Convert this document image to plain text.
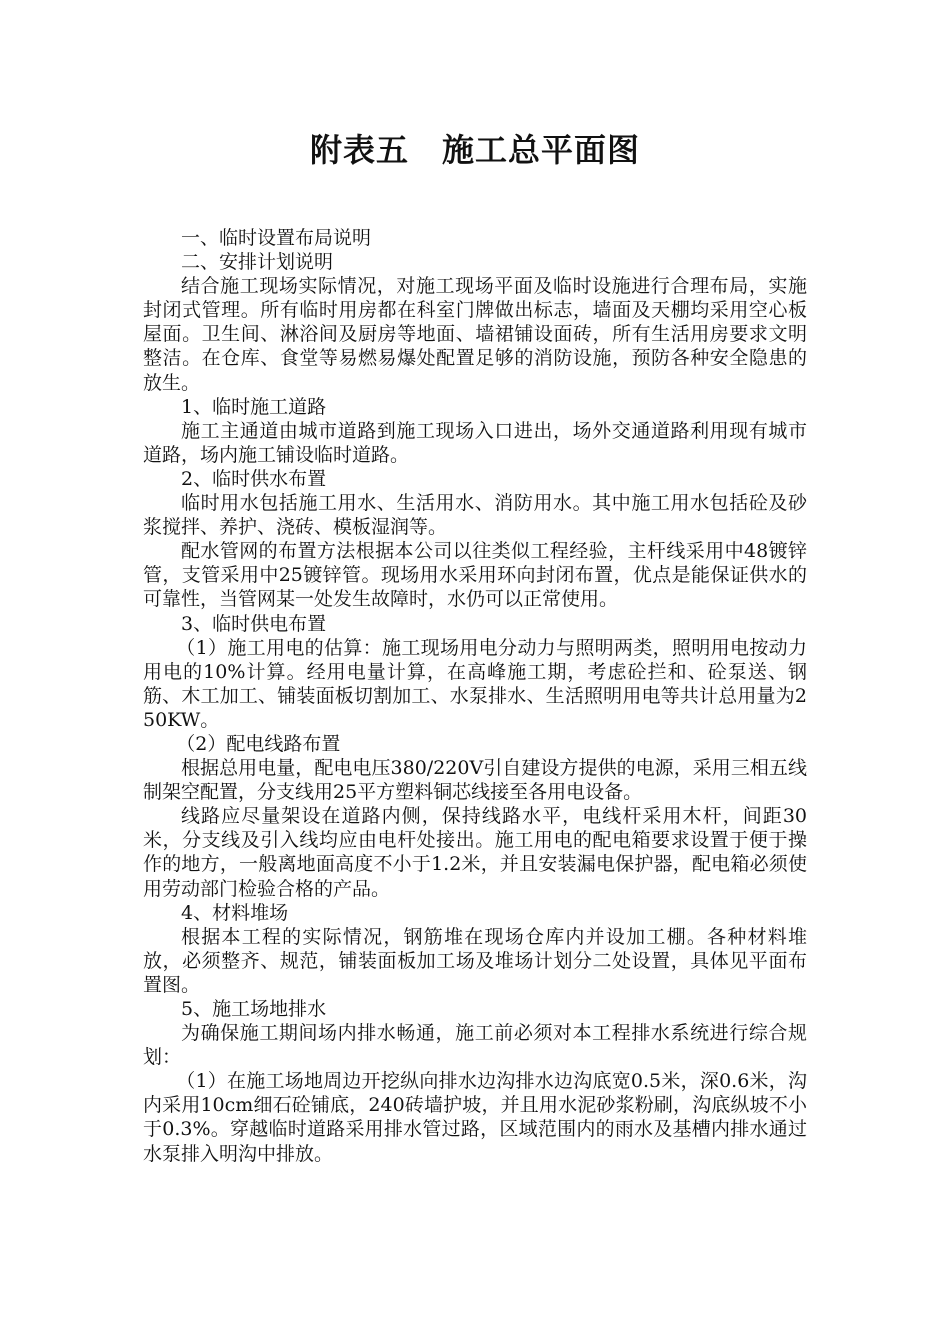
附表五　施工总平面图

一、临时设置布局说明

二、安排计划说明

结合施工现场实际情况，对施工现场平面及临时设施进行合理布局，实施封闭式管理。所有临时用房都在科室门牌做出标志，墙面及天棚均采用空心板屋面。卫生间、淋浴间及厨房等地面、墙裙铺设面砖，所有生活用房要求文明整洁。在仓库、食堂等易燃易爆处配置足够的消防设施，预防各种安全隐患的放生。

1、临时施工道路

施工主通道由城市道路到施工现场入口进出，场外交通道路利用现有城市道路，场内施工铺设临时道路。

2、临时供水布置

临时用水包括施工用水、生活用水、消防用水。其中施工用水包括砼及砂浆搅拌、养护、浇砖、模板湿润等。

配水管网的布置方法根据本公司以往类似工程经验，主杆线采用中48镀锌管，支管采用中25镀锌管。现场用水采用环向封闭布置，优点是能保证供水的可靠性，当管网某一处发生故障时，水仍可以正常使用。

3、临时供电布置

（1）施工用电的估算：施工现场用电分动力与照明两类，照明用电按动力用电的10%计算。经用电量计算，在高峰施工期，考虑砼拦和、砼泵送、钢筋、木工加工、铺装面板切割加工、水泵排水、生活照明用电等共计总用量为250KW。

（2）配电线路布置

根据总用电量，配电电压380/220V引自建设方提供的电源，采用三相五线制架空配置，分支线用25平方塑料铜芯线接至各用电设备。

线路应尽量架设在道路内侧，保持线路水平，电线杆采用木杆，间距30米，分支线及引入线均应由电杆处接出。施工用电的配电箱要求设置于便于操作的地方，一般离地面高度不小于1.2米，并且安装漏电保护器，配电箱必须使用劳动部门检验合格的产品。

4、材料堆场

根据本工程的实际情况，钢筋堆在现场仓库内并设加工棚。各种材料堆放，必须整齐、规范，铺装面板加工场及堆场计划分二处设置，具体见平面布置图。

5、施工场地排水

为确保施工期间场内排水畅通，施工前必须对本工程排水系统进行综合规划：

（1）在施工场地周边开挖纵向排水边沟排水边沟底宽0.5米，深0.6米，沟内采用10cm细石砼铺底，240砖墙护坡，并且用水泥砂浆粉刷，沟底纵坡不小于0.3%。穿越临时道路采用排水管过路，区域范围内的雨水及基槽内排水通过水泵排入明沟中排放。
